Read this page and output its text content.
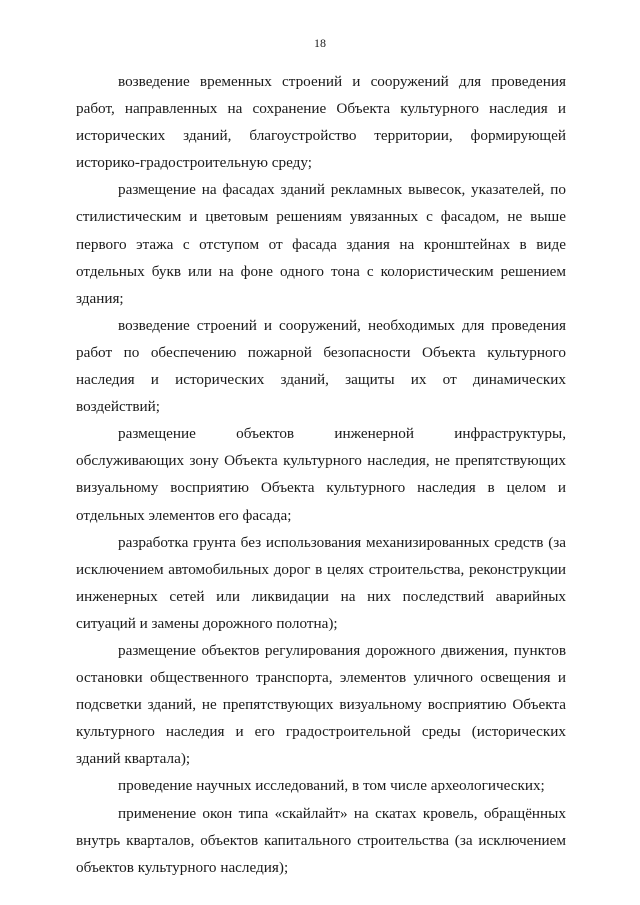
18

возведение временных строений и сооружений для проведения работ, направленных на сохранение Объекта культурного наследия и исторических зданий, благоустройство территории, формирующей историко-градостроительную среду;

размещение на фасадах зданий рекламных вывесок, указателей, по стилистическим и цветовым решениям увязанных с фасадом, не выше первого этажа с отступом от фасада здания на кронштейнах в виде отдельных букв или на фоне одного тона с колористическим решением здания;

возведение строений и сооружений, необходимых для проведения работ по обеспечению пожарной безопасности Объекта культурного наследия и исторических зданий, защиты их от динамических воздействий;

размещение объектов инженерной инфраструктуры, обслуживающих зону Объекта культурного наследия, не препятствующих визуальному восприятию Объекта культурного наследия в целом и отдельных элементов его фасада;

разработка грунта без использования механизированных средств (за исключением автомобильных дорог в целях строительства, реконструкции инженерных сетей или ликвидации на них последствий аварийных ситуаций и замены дорожного полотна);

размещение объектов регулирования дорожного движения, пунктов остановки общественного транспорта, элементов уличного освещения и подсветки зданий, не препятствующих визуальному восприятию Объекта культурного наследия и его градостроительной среды (исторических зданий квартала);

проведение научных исследований, в том числе археологических;

применение окон типа «скайлайт» на скатах кровель, обращённых внутрь кварталов, объектов капитального строительства (за исключением объектов культурного наследия);
